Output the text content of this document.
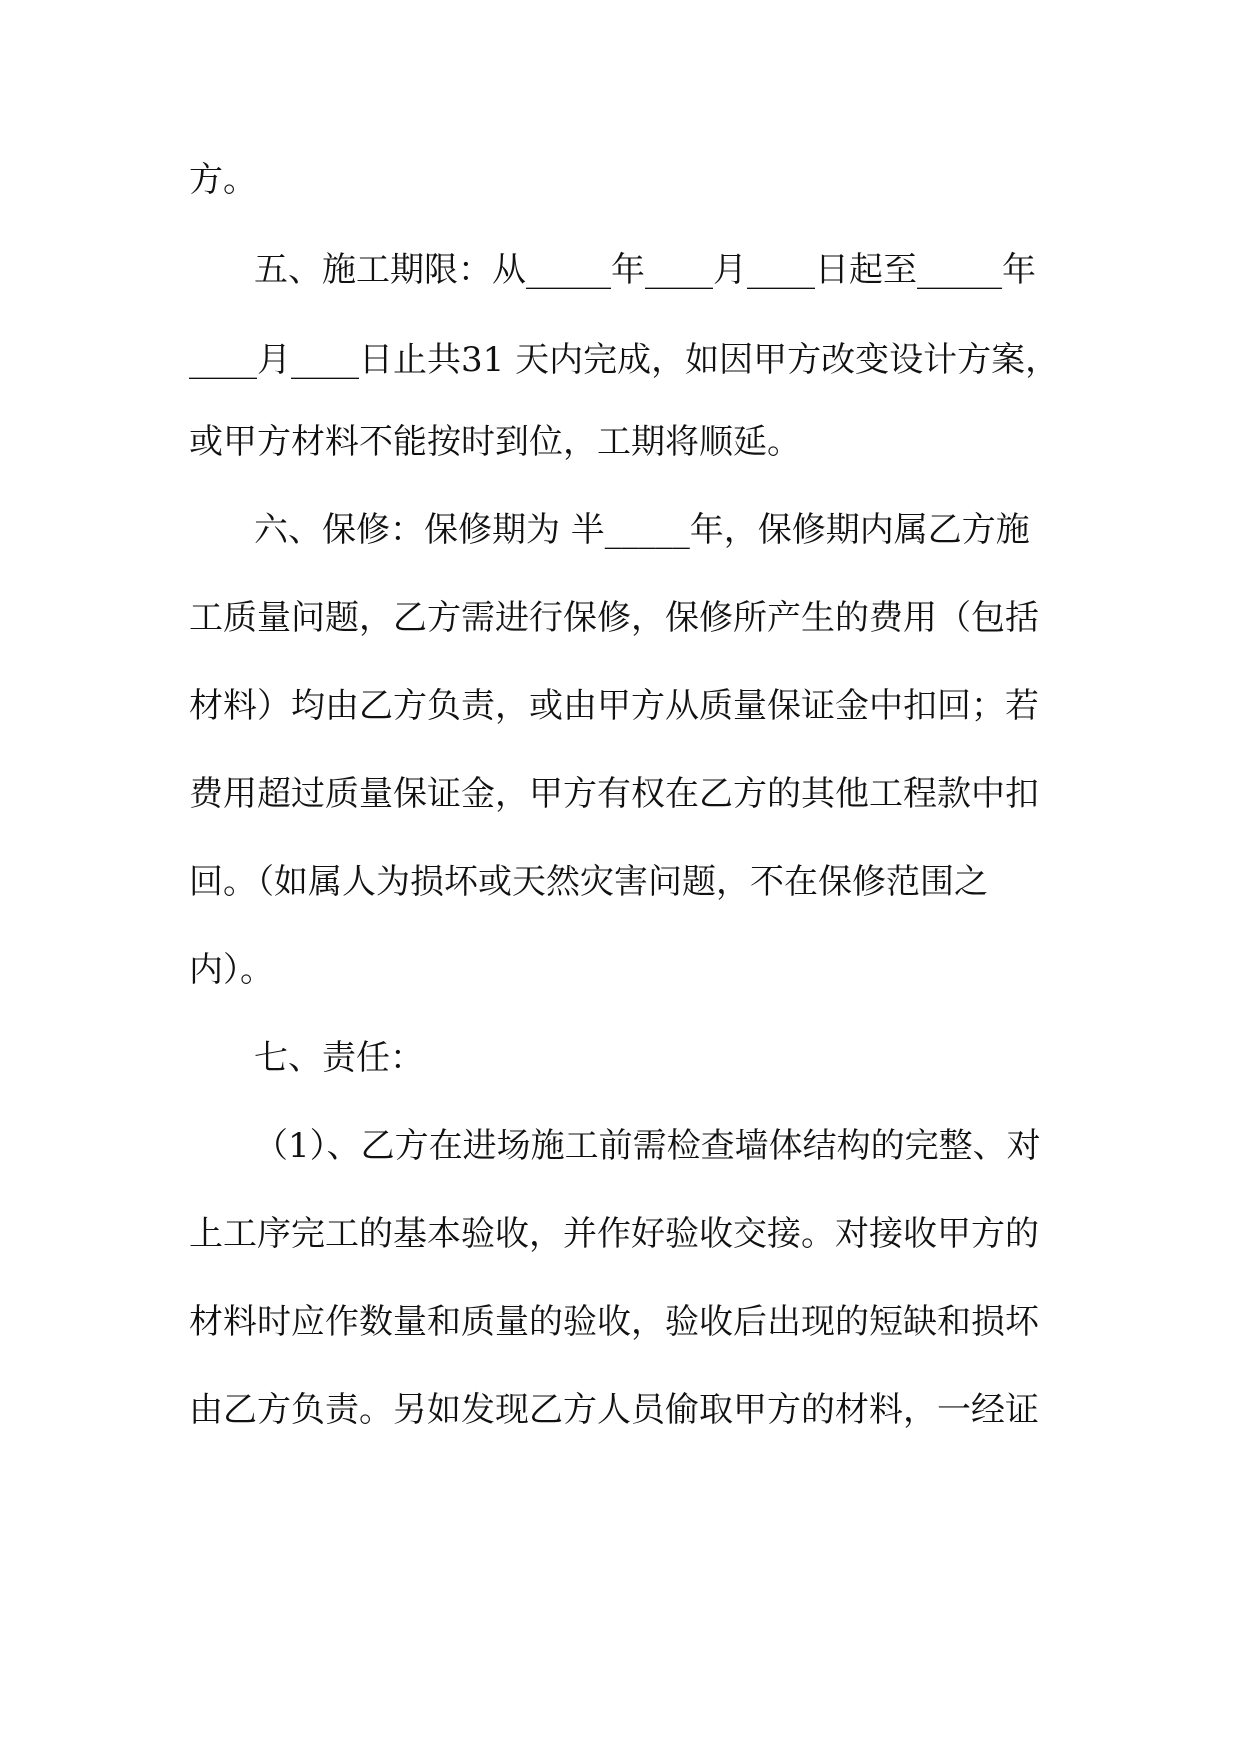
方。
五、施工期限：从_____年____月____日起至_____年
____月____日止共31 天内完成，如因甲方改变设计方案，
或甲方材料不能按时到位，工期将顺延。
六、保修：保修期为 半_____年，保修期内属乙方施
工质量问题，乙方需进行保修，保修所产生的费用（包括
材料）均由乙方负责，或由甲方从质量保证金中扣回；若
费用超过质量保证金，甲方有权在乙方的其他工程款中扣
回。（如属人为损坏或天然灾害问题，不在保修范围之
内）。
七、责任：
（1）、乙方在进场施工前需检查墙体结构的完整、对
上工序完工的基本验收，并作好验收交接。对接收甲方的
材料时应作数量和质量的验收，验收后出现的短缺和损坏
由乙方负责。另如发现乙方人员偷取甲方的材料，一经证
